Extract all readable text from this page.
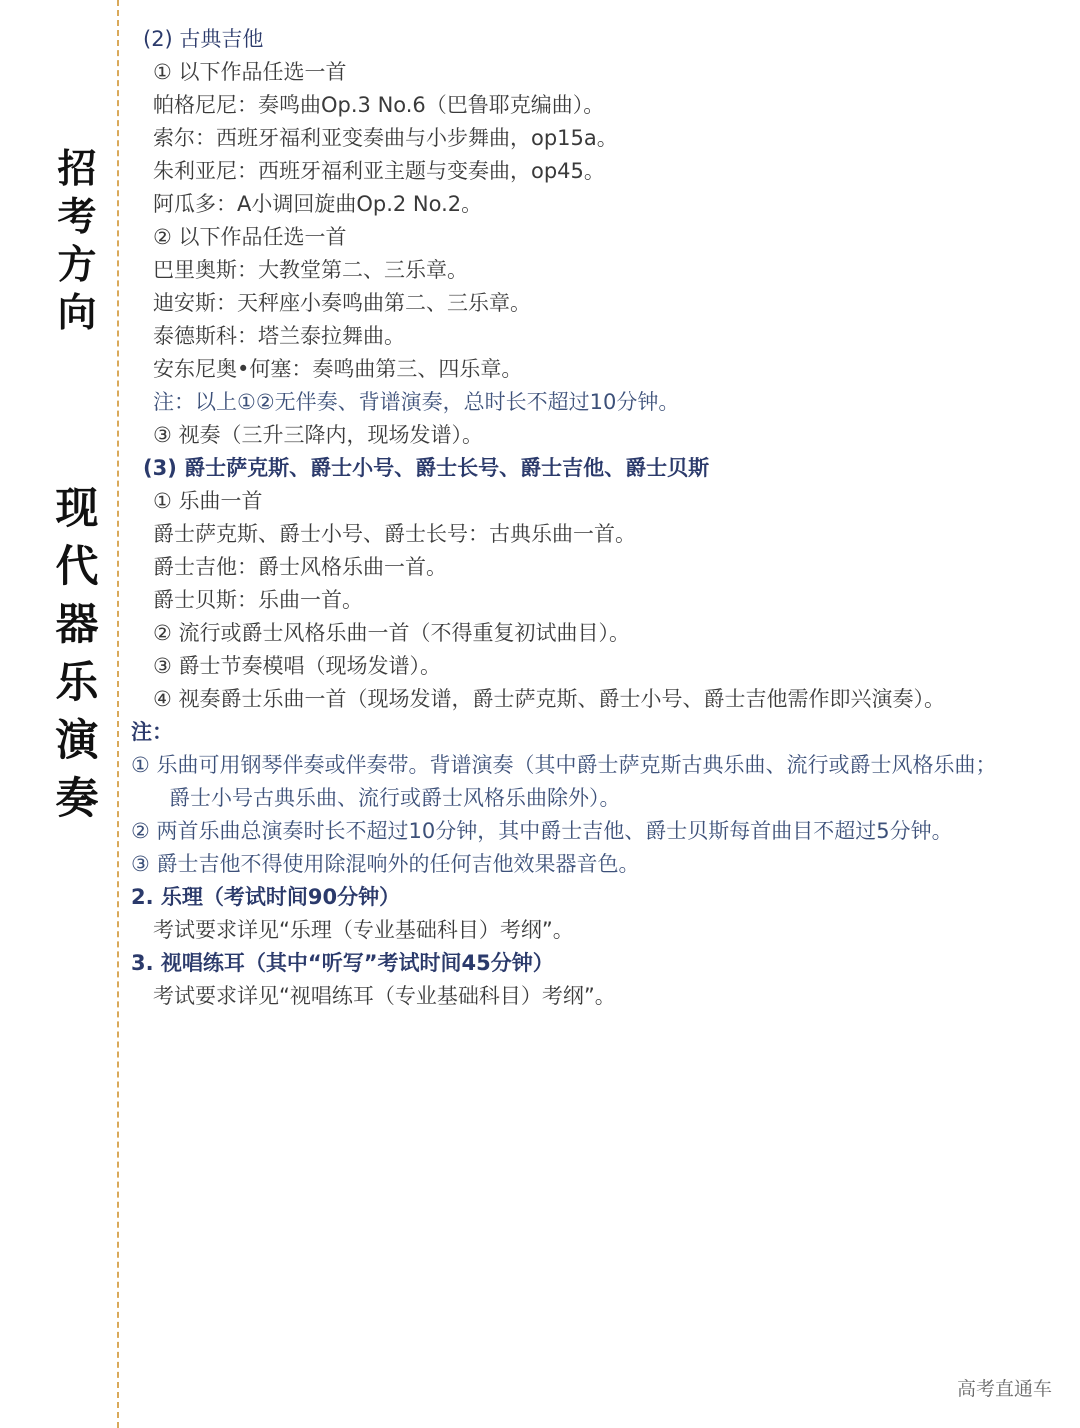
招
考
方
向
现
代
器
乐
演
奏
(2) 古典吉他
① 以下作品任选一首
帕格尼尼：奏鸣曲Op.3 No.6（巴鲁耶克编曲）。
索尔：西班牙福利亚变奏曲与小步舞曲，op15a。
朱利亚尼：西班牙福利亚主题与变奏曲，op45。
阿瓜多：A小调回旋曲Op.2 No.2。
② 以下作品任选一首
巴里奥斯：大教堂第二、三乐章。
迪安斯：天秤座小奏鸣曲第二、三乐章。
泰德斯科：塔兰泰拉舞曲。
安东尼奥•何塞：奏鸣曲第三、四乐章。
注：以上①②无伴奏、背谱演奏，总时长不超过10分钟。
③ 视奏（三升三降内，现场发谱）。
(3) 爵士萨克斯、爵士小号、爵士长号、爵士吉他、爵士贝斯
① 乐曲一首
爵士萨克斯、爵士小号、爵士长号：古典乐曲一首。
爵士吉他：爵士风格乐曲一首。
爵士贝斯：乐曲一首。
② 流行或爵士风格乐曲一首（不得重复初试曲目）。
③ 爵士节奏模唱（现场发谱）。
④ 视奏爵士乐曲一首（现场发谱，爵士萨克斯、爵士小号、爵士吉他需作即兴演奏）。
注：
① 乐曲可用钢琴伴奏或伴奏带。背谱演奏（其中爵士萨克斯古典乐曲、流行或爵士风格乐曲；
爵士小号古典乐曲、流行或爵士风格乐曲除外）。
② 两首乐曲总演奏时长不超过10分钟，其中爵士吉他、爵士贝斯每首曲目不超过5分钟。
③ 爵士吉他不得使用除混响外的任何吉他效果器音色。
2. 乐理（考试时间90分钟）
考试要求详见“乐理（专业基础科目）考纲”。
3. 视唱练耳（其中“听写”考试时间45分钟）
考试要求详见“视唱练耳（专业基础科目）考纲”。
高考直通车
